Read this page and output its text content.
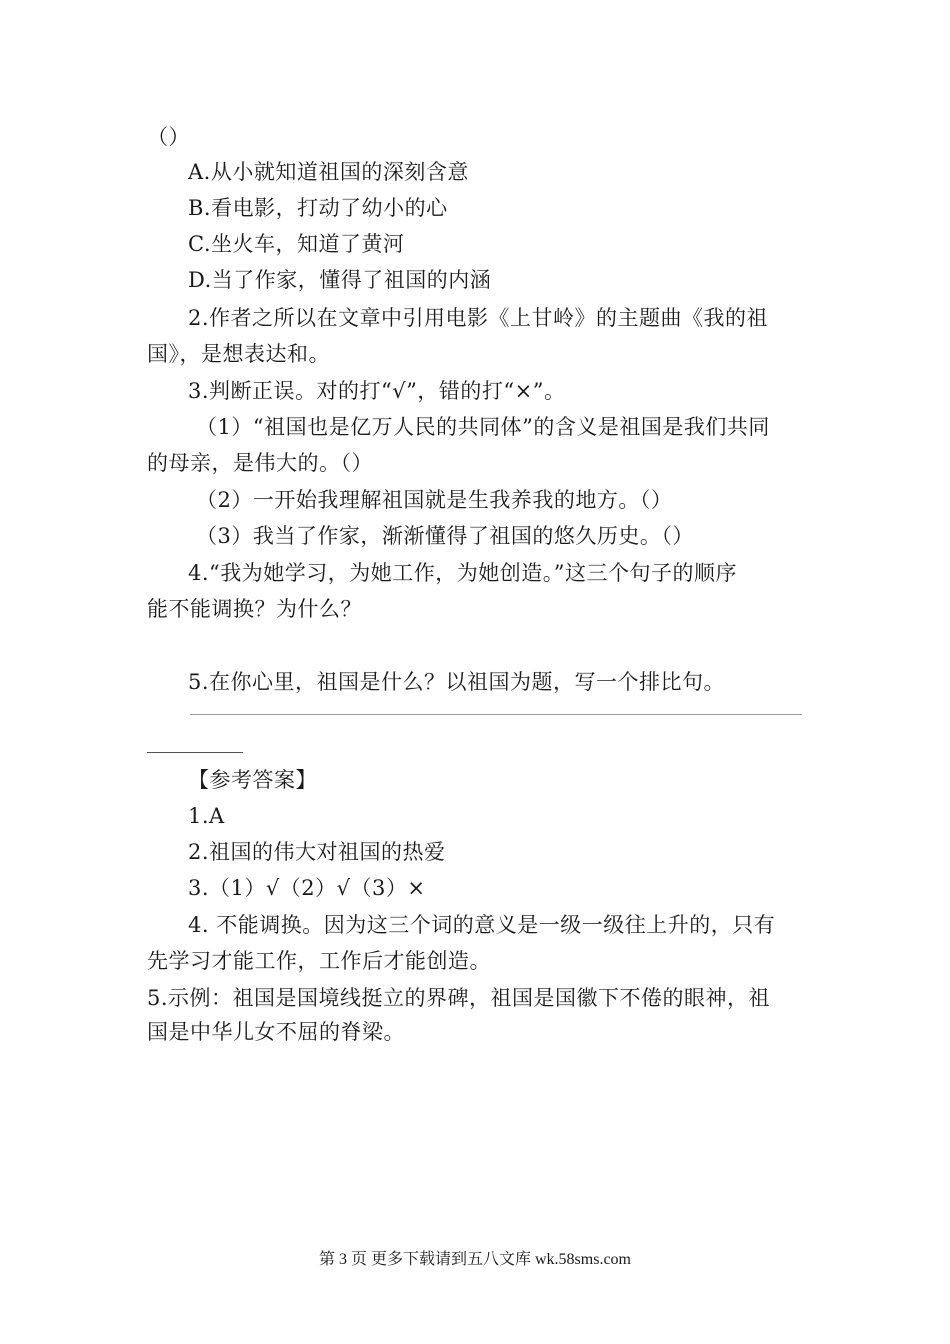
（）
A.从小就知道祖国的深刻含意
B.看电影，打动了幼小的心
C.坐火车，知道了黄河
D.当了作家，懂得了祖国的内涵
2.作者之所以在文章中引用电影《上甘岭》的主题曲《我的祖
国》，是想表达和。
3.判断正误。对的打“√”，错的打“×”。
（1）“祖国也是亿万人民的共同体”的含义是祖国是我们共同
的母亲，是伟大的。（）
（2）一开始我理解祖国就是生我养我的地方。（）
（3）我当了作家，渐渐懂得了祖国的悠久历史。（）
4.“我为她学习，为她工作，为她创造。”这三个句子的顺序
能不能调换？为什么？
5.在你心里，祖国是什么？以祖国为题，写一个排比句。
【参考答案】
1.A
2.祖国的伟大对祖国的热爱
3.（1）√（2）√（3）×
4. 不能调换。因为这三个词的意义是一级一级往上升的，只有
先学习才能工作，工作后才能创造。
5.示例：祖国是国境线挺立的界碑，祖国是国徽下不倦的眼神，祖
国是中华儿女不屈的脊梁。
第 3 页 更多下载请到五八文库 wk.58sms.com
